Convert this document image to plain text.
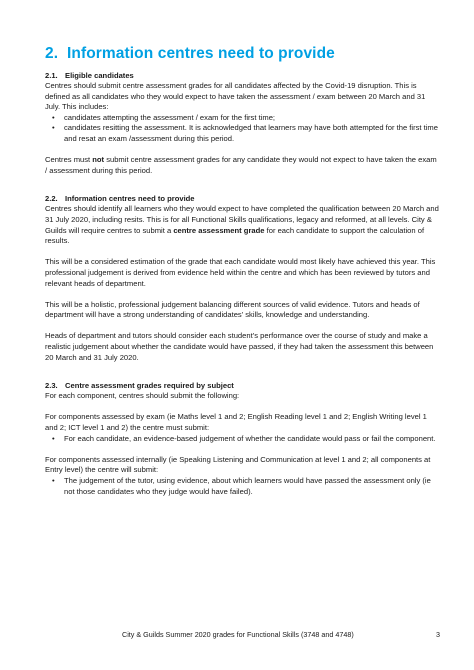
2. Information centres need to provide
2.1. Eligible candidates

Centres should submit centre assessment grades for all candidates affected by the Covid-19 disruption. This is defined as all candidates who they would expect to have taken the assessment / exam between 20 March and 31 July. This includes:

• candidates attempting the assessment / exam for the first time;
• candidates resitting the assessment. It is acknowledged that learners may have both attempted for the first time and resat an exam /assessment during this period.

Centres must not submit centre assessment grades for any candidate they would not expect to have taken the exam / assessment during this period.

2.2. Information centres need to provide

Centres should identify all learners who they would expect to have completed the qualification between 20 March and 31 July 2020, including resits. This is for all Functional Skills qualifications, legacy and reformed, at all levels. City & Guilds will require centres to submit a centre assessment grade for each candidate to support the calculation of results.

This will be a considered estimation of the grade that each candidate would most likely have achieved this year. This professional judgement is derived from evidence held within the centre and which has been reviewed by tutors and relevant heads of department.

This will be a holistic, professional judgement balancing different sources of valid evidence. Tutors and heads of department will have a strong understanding of candidates’ skills, knowledge and understanding.

Heads of department and tutors should consider each student’s performance over the course of study and make a realistic judgement about whether the candidate would have passed, if they had taken the assessment this between 20 March and 31 July 2020.

2.3. Centre assessment grades required by subject

For each component, centres should submit the following:

For components assessed by exam (ie Maths level 1 and 2; English Reading level 1 and 2; English Writing level 1 and 2; ICT level 1 and 2) the centre must submit:

• For each candidate, an evidence-based judgement of whether the candidate would pass or fail the component.

For components assessed internally (ie Speaking Listening and Communication at level 1 and 2; all components at Entry level) the centre will submit:

• The judgement of the tutor, using evidence, about which learners would have passed the assessment only (ie not those candidates who they judge would have failed).
City & Guilds Summer 2020 grades for Functional Skills (3748 and 4748)	3
